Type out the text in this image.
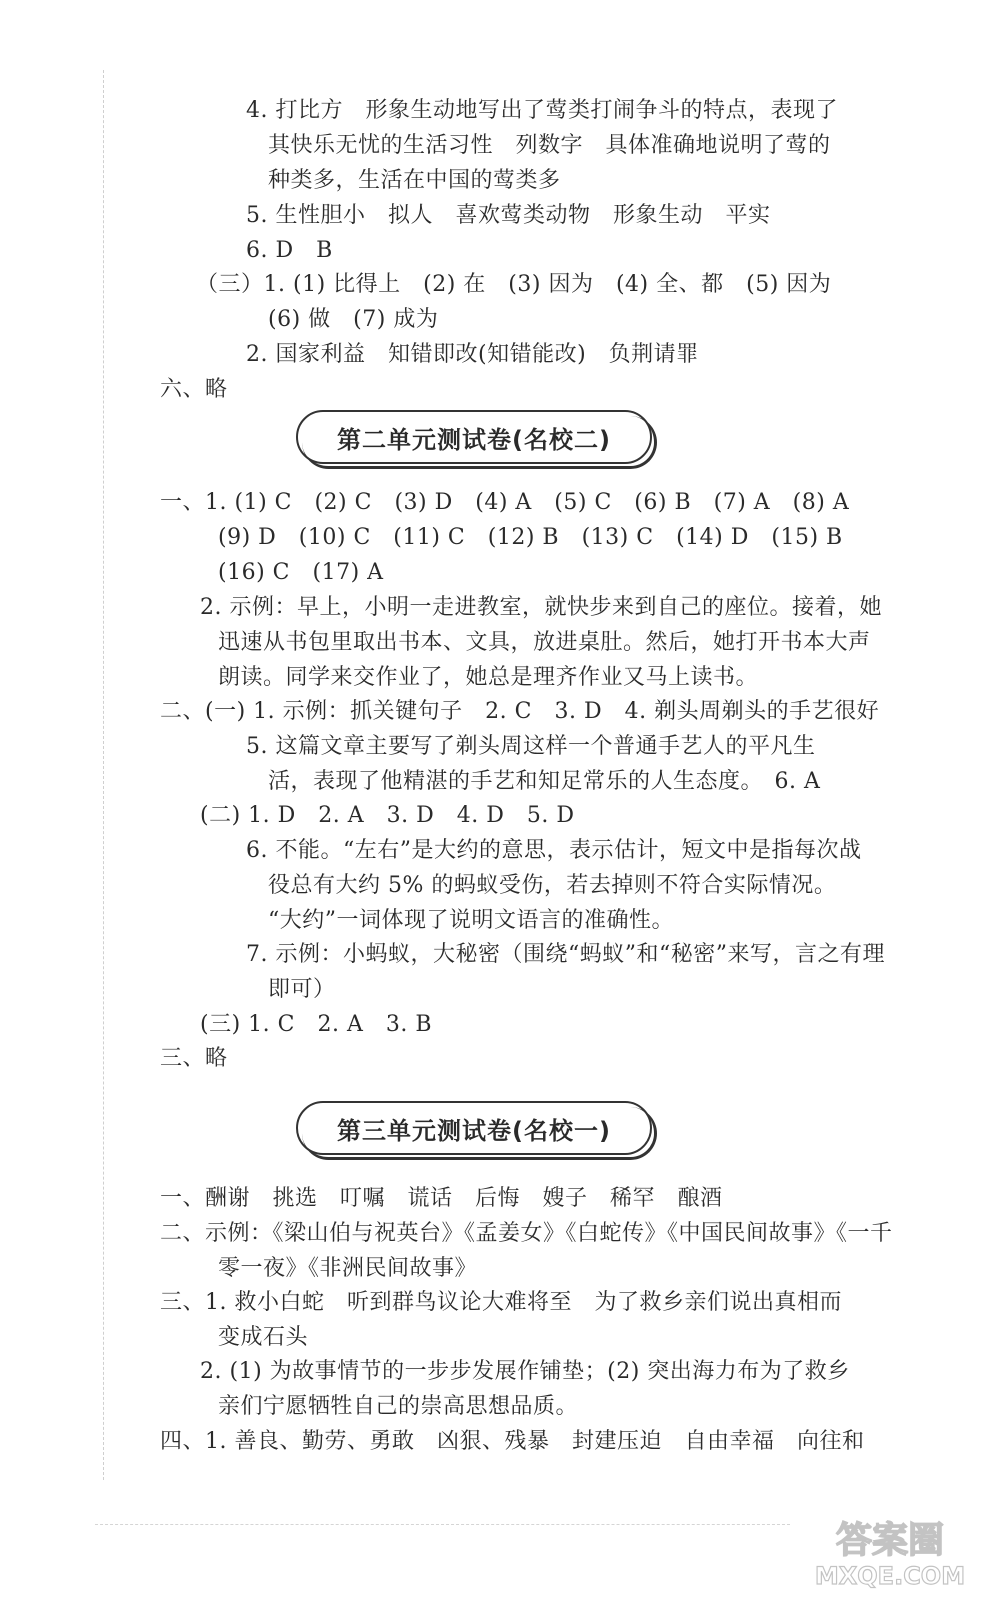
4. 打比方　形象生动地写出了莺类打闹争斗的特点，表现了
其快乐无忧的生活习性　列数字　具体准确地说明了莺的
种类多，生活在中国的莺类多
5. 生性胆小　拟人　喜欢莺类动物　形象生动　平实
6. D　B
（三）1. (1) 比得上　(2) 在　(3) 因为　(4) 全、都　(5) 因为
(6) 做　(7) 成为
2. 国家利益　知错即改(知错能改)　负荆请罪
六、略
第二单元测试卷(名校二)
一、1. (1) C　(2) C　(3) D　(4) A　(5) C　(6) B　(7) A　(8) A
(9) D　(10) C　(11) C　(12) B　(13) C　(14) D　(15) B
(16) C　(17) A
2. 示例：早上，小明一走进教室，就快步来到自己的座位。接着，她
迅速从书包里取出书本、文具，放进桌肚。然后，她打开书本大声
朗读。同学来交作业了，她总是理齐作业又马上读书。
二、(一) 1. 示例：抓关键句子　2. C　3. D　4. 剃头周剃头的手艺很好
5. 这篇文章主要写了剃头周这样一个普通手艺人的平凡生
活，表现了他精湛的手艺和知足常乐的人生态度。　6. A
(二) 1. D　2. A　3. D　4. D　5. D
6. 不能。“左右”是大约的意思，表示估计，短文中是指每次战
役总有大约 5% 的蚂蚁受伤，若去掉则不符合实际情况。
“大约”一词体现了说明文语言的准确性。
7. 示例：小蚂蚁，大秘密（围绕“蚂蚁”和“秘密”来写，言之有理
即可）
(三) 1. C　2. A　3. B
三、略
第三单元测试卷(名校一)
一、酬谢　挑选　叮嘱　谎话　后悔　嫂子　稀罕　酿酒
二、示例：《梁山伯与祝英台》《孟姜女》《白蛇传》《中国民间故事》《一千
零一夜》《非洲民间故事》
三、1. 救小白蛇　听到群鸟议论大难将至　为了救乡亲们说出真相而
变成石头
2. (1) 为故事情节的一步步发展作铺垫；(2) 突出海力布为了救乡
亲们宁愿牺牲自己的崇高思想品质。
四、1. 善良、勤劳、勇敢　凶狠、残暴　封建压迫　自由幸福　向往和
答案圈
MXQE.COM
